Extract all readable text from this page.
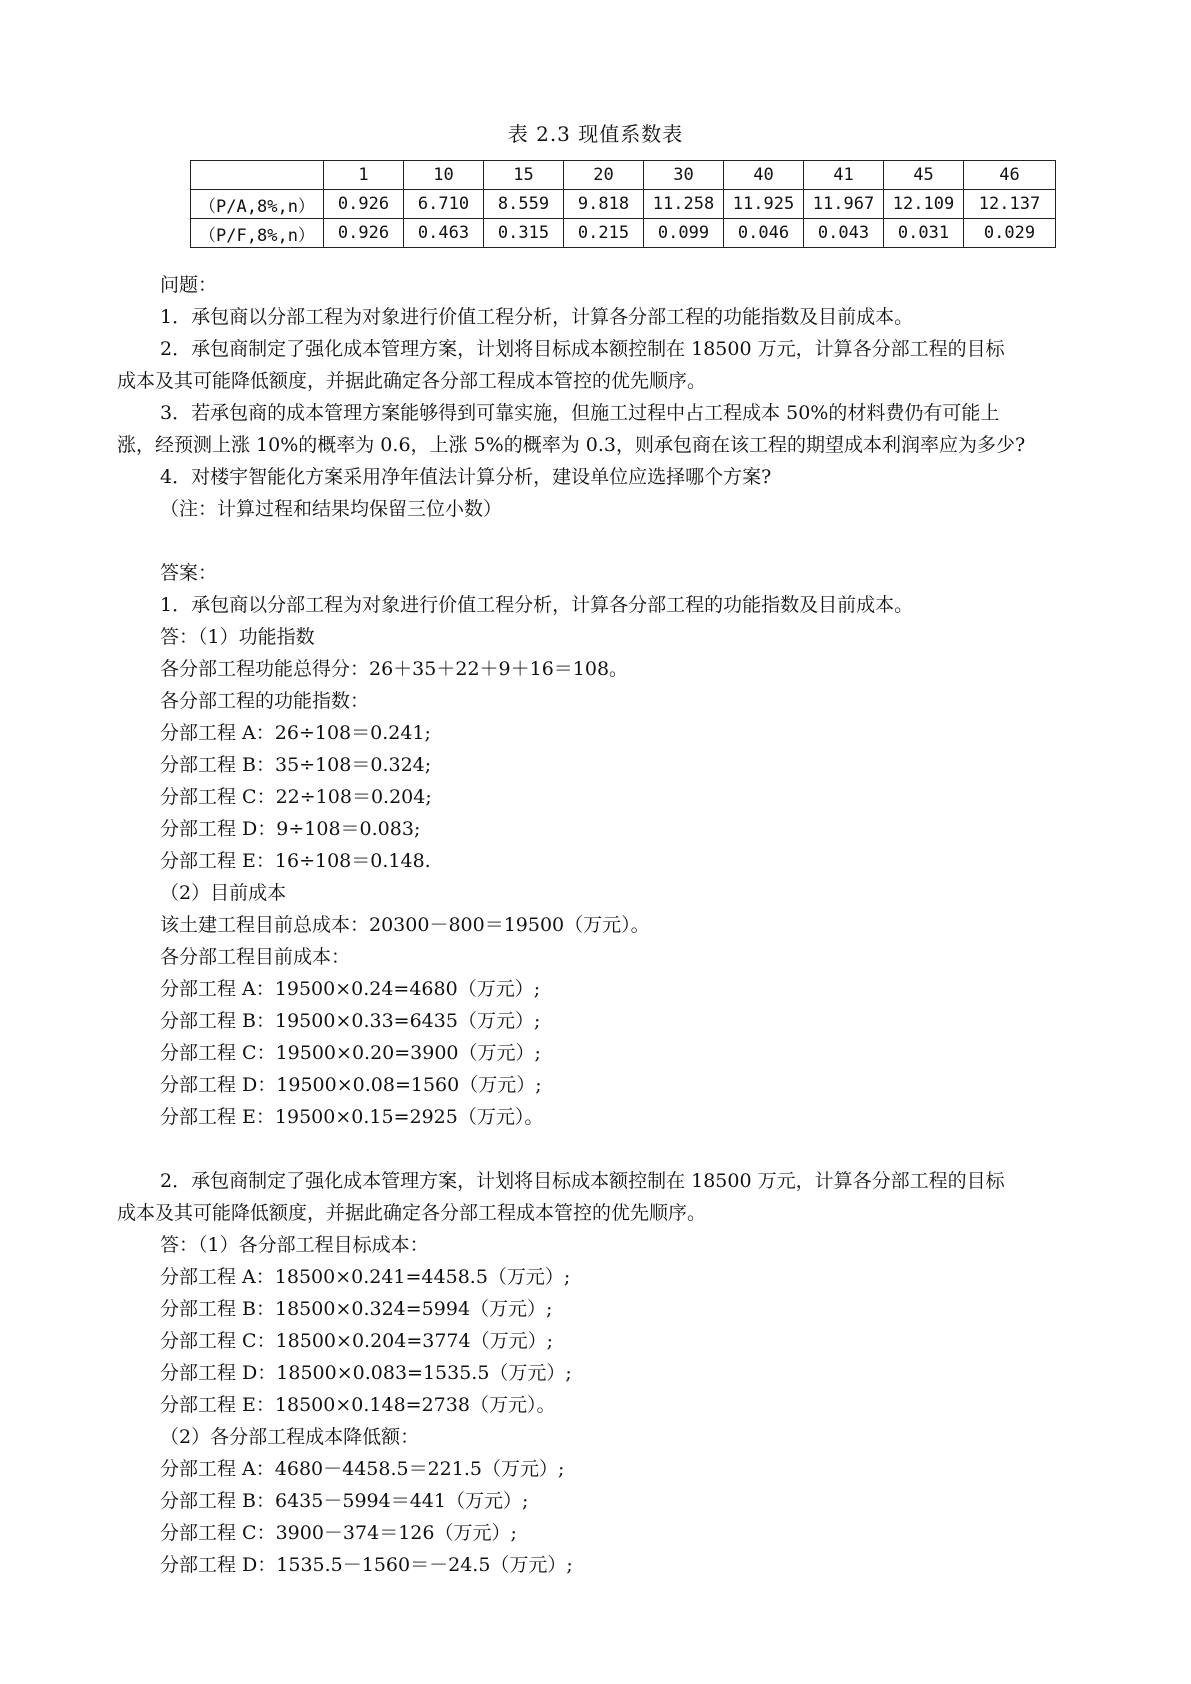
表 2.3 现值系数表
	1	10	15	20	30	40	41	45	46
（P/A,8%,n）	0.926	6.710	8.559	9.818	11.258	11.925	11.967	12.109	12.137
（P/F,8%,n）	0.926	0.463	0.315	0.215	0.099	0.046	0.043	0.031	0.029
问题：
1．承包商以分部工程为对象进行价值工程分析，计算各分部工程的功能指数及目前成本。
2．承包商制定了强化成本管理方案，计划将目标成本额控制在 18500 万元，计算各分部工程的目标
成本及其可能降低额度，并据此确定各分部工程成本管控的优先顺序。
3．若承包商的成本管理方案能够得到可靠实施，但施工过程中占工程成本 50%的材料费仍有可能上
涨，经预测上涨 10%的概率为 0.6，上涨 5%的概率为 0.3，则承包商在该工程的期望成本利润率应为多少?
4．对楼宇智能化方案采用净年值法计算分析，建设单位应选择哪个方案?
（注：计算过程和结果均保留三位小数）
答案：
1．承包商以分部工程为对象进行价值工程分析，计算各分部工程的功能指数及目前成本。
答：（1）功能指数
各分部工程功能总得分：26＋35＋22＋9＋16＝108。
各分部工程的功能指数：
分部工程 A：26÷108＝0.241;
分部工程 B：35÷108＝0.324;
分部工程 C：22÷108＝0.204;
分部工程 D：9÷108＝0.083;
分部工程 E：16÷108＝0.148.
（2）目前成本
该土建工程目前总成本：20300－800＝19500（万元）。
各分部工程目前成本：
分部工程 A：19500×0.24=4680（万元）;
分部工程 B：19500×0.33=6435（万元）;
分部工程 C：19500×0.20=3900（万元）;
分部工程 D：19500×0.08=1560（万元）;
分部工程 E：19500×0.15=2925（万元）。
2．承包商制定了强化成本管理方案，计划将目标成本额控制在 18500 万元，计算各分部工程的目标
成本及其可能降低额度，并据此确定各分部工程成本管控的优先顺序。
答：（1）各分部工程目标成本：
分部工程 A：18500×0.241=4458.5（万元）;
分部工程 B：18500×0.324=5994（万元）;
分部工程 C：18500×0.204=3774（万元）;
分部工程 D：18500×0.083=1535.5（万元）;
分部工程 E：18500×0.148=2738（万元）。
（2）各分部工程成本降低额：
分部工程 A：4680－4458.5＝221.5（万元）;
分部工程 B：6435－5994＝441（万元）;
分部工程 C：3900－374＝126（万元）;
分部工程 D：1535.5－1560＝－24.5（万元）;
